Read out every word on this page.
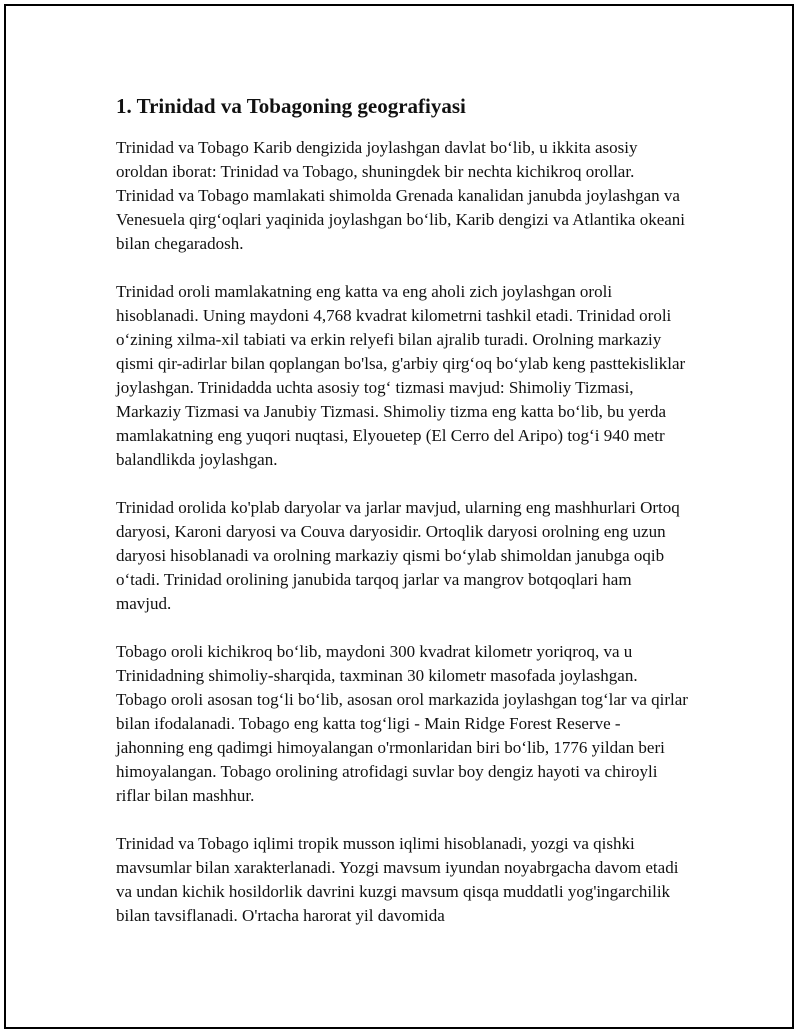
1. Trinidad va Tobagoning geografiyasi

Trinidad va Tobago Karib dengizida joylashgan davlat bo‘lib, u ikkita asosiy oroldan iborat: Trinidad va Tobago, shuningdek bir nechta kichikroq orollar. Trinidad va Tobago mamlakati shimolda Grenada kanalidan janubda joylashgan va Venesuela qirg‘oqlari yaqinida joylashgan bo‘lib, Karib dengizi va Atlantika okeani bilan chegaradosh.

Trinidad oroli mamlakatning eng katta va eng aholi zich joylashgan oroli hisoblanadi. Uning maydoni 4,768 kvadrat kilometrni tashkil etadi. Trinidad oroli o‘zining xilma-xil tabiati va erkin relyefi bilan ajralib turadi. Orolning markaziy qismi qir-adirlar bilan qoplangan bo'lsa, g'arbiy qirg‘oq bo‘ylab keng pasttekisliklar joylashgan. Trinidadda uchta asosiy tog‘ tizmasi mavjud: Shimoliy Tizmasi, Markaziy Tizmasi va Janubiy Tizmasi. Shimoliy tizma eng katta bo‘lib, bu yerda mamlakatning eng yuqori nuqtasi, Elyouetep (El Cerro del Aripo) tog‘i 940 metr balandlikda joylashgan.

Trinidad orolida ko'plab daryolar va jarlar mavjud, ularning eng mashhurlari Ortoq daryosi, Karoni daryosi va Couva daryosidir. Ortoqlik daryosi orolning eng uzun daryosi hisoblanadi va orolning markaziy qismi bo‘ylab shimoldan janubga oqib o‘tadi. Trinidad orolining janubida tarqoq jarlar va mangrov botqoqlari ham mavjud.

Tobago oroli kichikroq bo‘lib, maydoni 300 kvadrat kilometr yoriqroq, va u Trinidadning shimoliy-sharqida, taxminan 30 kilometr masofada joylashgan. Tobago oroli asosan tog‘li bo‘lib, asosan orol markazida joylashgan tog‘lar va qirlar bilan ifodalanadi. Tobago eng katta tog‘ligi - Main Ridge Forest Reserve - jahonning eng qadimgi himoyalangan o'rmonlaridan biri bo‘lib, 1776 yildan beri himoyalangan. Tobago orolining atrofidagi suvlar boy dengiz hayoti va chiroyli riflar bilan mashhur.

Trinidad va Tobago iqlimi tropik musson iqlimi hisoblanadi, yozgi va qishki mavsumlar bilan xarakterlanadi. Yozgi mavsum iyundan noyabrgacha davom etadi va undan kichik hosildorlik davrini kuzgi mavsum qisqa muddatli yog'ingarchilik bilan tavsiflanadi. O'rtacha harorat yil davomida
